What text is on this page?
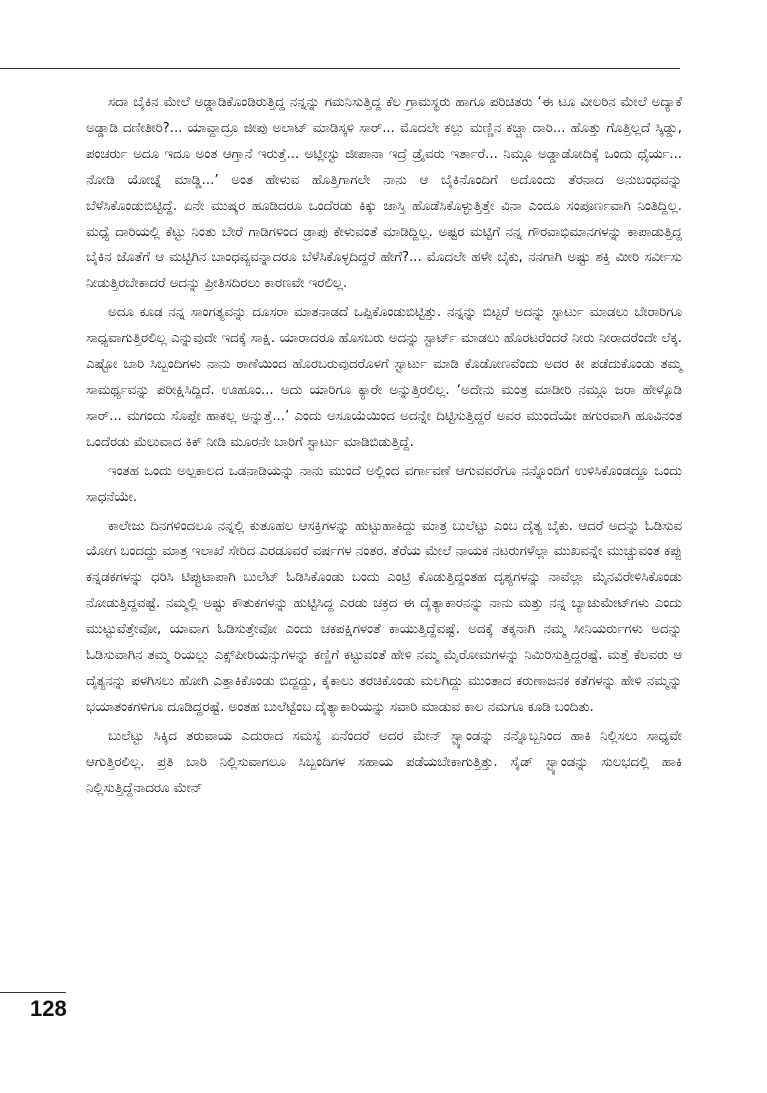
ಸದಾ ಬೈಕಿನ ಮೇಲೆ ಅಡ್ಡಾಡಿಕೊಂಡಿರುತ್ತಿದ್ದ ನನ್ನನ್ನು ಗಮನಿಸುತ್ತಿದ್ದ ಕೆಲ ಗ್ರಾಮಸ್ಥರು ಹಾಗೂ ಪರಿಚಿತರು ‘ಈ ಟೂ ವೀಲರಿನ ಮೇಲೆ ಅದ್ಯಾಕೆ ಅಡ್ಡಾಡಿ ದಣೀತೀರಿ?... ಯಾವ್ದಾದ್ರೂ ಜೀಪು ಅಲಾಟ್ ಮಾಡಿಸ್ಕಳಿ ಸಾರ್... ಮೊದಲೇ ಕಲ್ಲು ಮಣ್ಣಿನ ಕಚ್ಚಾ ದಾರಿ... ಹೊತ್ತು ಗೊತ್ತಿಲ್ಲದೆ ಸ್ಕಿಡ್ಡು, ಪಂಚರ್ರು ಅದೂ ಇದೂ ಅಂತ ಆಗ್ತಾನೆ ಇರುತ್ತೆ... ಅಟ್ಲೀಸ್ಟು ಜೀಪಾನಾ ಇದ್ರೆ ಡ್ರೈವರು ಇರ್ತಾರೆ... ನಿಮ್ಗೂ ಅಡ್ಡಾಡೋದಿಕ್ಕೆ ಒಂದು ಧೈರ್ಯ... ನೋಡಿ ಯೋಚ್ನೆ ಮಾಡ್ಡಿ...’ ಅಂತ ಹೇಳುವ ಹೊತ್ತಿಗಾಗಲೇ ನಾನು ಆ ಬೈಕಿನೊಂದಿಗೆ ಅದೊಂದು ತೆರನಾದ ಅನುಬಂಧವನ್ನು ಬೆಳೆಸಿಕೊಂಡುಬಿಟ್ಟಿದ್ದೆ. ಏನೇ ಮುಷ್ಕರ ಹೂಡಿದರೂ ಒಂದೆರಡು ಕಿಕ್ಕು ಜಾಸ್ತಿ ಹೊಡೆಸಿಕೊಳ್ಳುತ್ತಿತ್ತೇ ವಿನಾ ಎಂದೂ ಸಂಪೂರ್ಣವಾಗಿ ನಿಂತಿದ್ದಿಲ್ಲ. ಮಧ್ಯೆ ದಾರಿಯಲ್ಲಿ ಕೆಟ್ಟು ನಿಂತು ಬೇರೆ ಗಾಡಿಗಳಿಂದ ಡ್ರಾಪು ಕೇಳುವಂತೆ ಮಾಡಿದ್ದಿಲ್ಲ. ಅಷ್ಟರ ಮಟ್ಟಿಗೆ ನನ್ನ ಗೌರವಾಭಿಮಾನಗಳನ್ನು ಕಾಪಾಡುತ್ತಿದ್ದ ಬೈಕಿನ ಜೊತೆಗೆ ಆ ಮಟ್ಟಿಗಿನ ಬಾಂಧವ್ಯವನ್ನಾದರೂ ಬೆಳೆಸಿಕೊಳ್ಳದಿದ್ದರೆ ಹೇಗೆ?... ಮೊದಲೇ ಹಳೇ ಬೈಕು, ನನಗಾಗಿ ಅಷ್ಟು ಶಕ್ತಿ ಮೀರಿ ಸರ್ವೀಸು ನೀಡುತ್ತಿರಬೇಕಾದರೆ ಅದನ್ನು ಪ್ರೀತಿಸದಿರಲು ಕಾರಣವೇ ಇರಲಿಲ್ಲ.

ಅದೂ ಕೂಡ ನನ್ನ ಸಾಂಗತ್ಯವನ್ನು ದೂಸರಾ ಮಾತನಾಡದೆ ಒಪ್ಪಿಕೊಂಡುಬಿಟ್ಟಿತ್ತು. ನನ್ನನ್ನು ಬಿಟ್ಟರೆ ಅದನ್ನು ಸ್ಟಾರ್ಟು ಮಾಡಲು ಬೇರಾರಿಗೂ ಸಾಧ್ಯವಾಗುತ್ತಿರಲಿಲ್ಲ ಎನ್ನುವುದೇ ಇದಕ್ಕೆ ಸಾಕ್ಷಿ. ಯಾರಾದರೂ ಹೊಸಬರು ಅದನ್ನು ಸ್ಟಾರ್ಟ್ ಮಾಡಲು ಹೊರಟರೆಂದರೆ ನೀರು ನೀರಾದರೆಂದೇ ಲೆಕ್ಕ. ಎಷ್ಟೋ ಬಾರಿ ಸಿಬ್ಬಂದಿಗಳು ನಾನು ಠಾಣೆಯಿಂದ ಹೊರಬರುವುದರೊಳಗೆ ಸ್ಟಾರ್ಟು ಮಾಡಿ ಕೊಡೋಣವೆಂದು ಅದರ ಕೀ ಪಡೆದುಕೊಂಡು ತಮ್ಮ ಸಾಮರ್ಥ್ಯವನ್ನು ಪರೀಕ್ಷಿಸಿದ್ದಿದೆ. ಊಹೂಂ... ಅದು ಯಾರಿಗೂ ಕ್ಯಾರೇ ಅನ್ನುತ್ತಿರಲಿಲ್ಲ. ‘ಅದೇನು ಮಂತ್ರ ಮಾಡೀರಿ ನಮ್ಗೂ ಜರಾ ಹೇಳ್ಕೊಡಿ ಸಾರ್... ಮಗಂದು ಸೊಪ್ಪೇ ಹಾಕಲ್ಲ ಅನ್ನುತ್ತೆ...’ ಎಂದು ಅಸೂಯೆಯಿಂದ ಅದನ್ನೇ ದಿಟ್ಟಿಸುತ್ತಿದ್ದರೆ ಅವರ ಮುಂದೆಯೇ ಹಗುರವಾಗಿ ಹೂವಿನಂತ ಒಂದೆರಡು ಮೆಲುವಾದ ಕಿಕ್ ನೀಡಿ ಮೂರನೇ ಬಾರಿಗೆ ಸ್ಟಾರ್ಟು ಮಾಡಿಬಿಡುತ್ತಿದ್ದೆ.

ಇಂತಹ ಒಂದು ಅಲ್ಪಕಾಲದ ಒಡನಾಡಿಯನ್ನು ನಾನು ಮುಂದೆ ಅಲ್ಲಿಂದ ವರ್ಗಾವಣೆ ಆಗುವವರೆಗೂ ನನ್ನೊಂದಿಗೆ ಉಳಿಸಿಕೊಂಡದ್ದೂ ಒಂದು ಸಾಧನೆಯೇ.

ಕಾಲೇಜು ದಿನಗಳಿಂದಲೂ ನನ್ನಲ್ಲಿ ಕುತೂಹಲ ಆಸಕ್ತಿಗಳನ್ನು ಹುಟ್ಟುಹಾಕಿದ್ದು ಮಾತ್ರ ಬುಲೆಟ್ಟು ಎಂಬ ದೈತ್ಯ ಬೈಕು. ಆದರೆ ಅದನ್ನು ಓಡಿಸುವ ಯೋಗ ಬಂದದ್ದು ಮಾತ್ರ ಇಲಾಖೆ ಸೇರಿದ ಎರಡೂವರೆ ವರ್ಷಗಳ ನಂತರ. ತೆರೆಯ ಮೇಲೆ ನಾಯಕ ನಟರುಗಳೆಲ್ಲಾ ಮುಖವನ್ನೇ ಮುಚ್ಚುವಂತ ಕಪ್ಪು ಕನ್ನಡಕಗಳನ್ನು ಧರಿಸಿ ಟಿಪ್ಟುಟಾಪಾಗಿ ಬುಲೆಟ್ ಓಡಿಸಿಕೊಂಡು ಬಂದು ಎಂಟ್ರಿ ಕೊಡುತ್ತಿದ್ದಂತಹ ದೃಶ್ಯಗಳನ್ನು ನಾವೆಲ್ಲಾ ಮೈನವಿರೇಳಿಸಿಕೊಂಡು ನೋಡುತ್ತಿದ್ದವಷ್ಟೆ. ನಮ್ಮಲ್ಲಿ ಅಷ್ಟು ಕೌತುಕಗಳನ್ನು ಹುಟ್ಟಿಸಿದ್ದ ಎರಡು ಚಕ್ರದ ಈ ದೈತ್ಯಾಕಾರನನ್ನು ನಾನು ಮತ್ತು ನನ್ನ ಬ್ಯಾಚುಮೇಟ್‌ಗಳು ಎಂದು ಮುಟ್ಟುವೆತ್ತೇವೋ, ಯಾವಾಗ ಓಡಿಸುತ್ತೇವೋ ಎಂದು ಚಕಪಕ್ಷಿಗಳಂತೆ ಕಾಯುತ್ತಿದ್ದೆವಷ್ಟೆ. ಅದಕ್ಕೆ ತಕ್ಕನಾಗಿ ನಮ್ಮ ಸೀನಿಯರ್ರುಗಳು ಅದನ್ನು ಓಡಿಸುವಾಗಿನ ತಮ್ಮ ರಿಯಲ್ಲು ಎಕ್ಸ್‌ಪೀರಿಯನ್ಸುಗಳನ್ನು ಕಣ್ಣಿಗೆ ಕಟ್ಟುವಂತೆ ಹೇಳಿ ನಮ್ಮ ಮೈರೋಮಗಳನ್ನು ನಿಮಿರಿಸುತ್ತಿದ್ದರಷ್ಟೆ. ಮತ್ತೆ ಕೆಲವರು ಆ ದೈತ್ಯನನ್ನು ಪಳಗಿಸಲು ಹೋಗಿ ಎತ್ತಾಕಿಕೊಂಡು ಬಿದ್ದದ್ದು, ಕೈಕಾಲು ತರಚಿಕೊಂಡು ಮಲಗಿದ್ದು ಮುಂತಾದ ಕರುಣಾಜನಕ ಕತೆಗಳನ್ನು ಹೇಳಿ ನಮ್ಮನ್ನು ಭಯಾತಂಕಗಳಿಗೂ ದೂಡಿದ್ದರಷ್ಟೆ. ಅಂತಹ ಬುಲೆಟ್ಟೆಂಬ ದೈತ್ಯಾಕಾರಿಯನ್ನು ಸವಾರಿ ಮಾಡುವ ಕಾಲ ನಮಗೂ ಕೂಡಿ ಬಂದಿತು.

ಬುಲೆಟ್ಟು ಸಿಕ್ಕಿದ ತರುವಾಯ ಎದುರಾದ ಸಮಸ್ಯೆ ಏನೆಂದರೆ ಅದರ ಮೇನ್ ಸ್ಟ್ಯಾಂಡನ್ನು ನನ್ನೊಬ್ಬನಿಂದ ಹಾಕಿ ನಿಲ್ಲಿಸಲು ಸಾಧ್ಯವೇ ಆಗುತ್ತಿರಲಿಲ್ಲ. ಪ್ರತಿ ಬಾರಿ ನಿಲ್ಲಿಸುವಾಗಲೂ ಸಿಬ್ಬಂದಿಗಳ ಸಹಾಯ ಪಡೆಯಬೇಕಾಗುತ್ತಿತ್ತು. ಸೈಡ್ ಸ್ಟ್ಯಾಂಡನ್ನು ಸುಲಭದಲ್ಲಿ ಹಾಕಿ ನಿಲ್ಲಿಸುತ್ತಿದ್ದೆನಾದರೂ ಮೇನ್

128
